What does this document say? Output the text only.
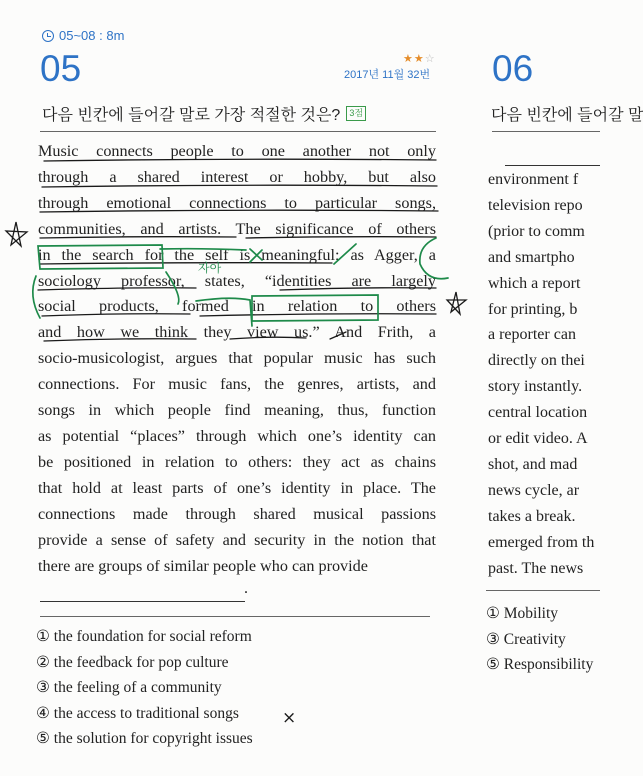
05~08 : 8m
05	★★☆
2017년 11월 32번
다음 빈칸에 들어갈 말로 가장 적절한 것은?	3점
Music connects people to one another not only
through a shared interest or hobby, but also
through emotional connections to particular songs,
communities, and artists. The significance of others
in the search for the self is meaningful; as Agger, a
sociology professor, states, “identities are largely
social products, formed in relation to others
and how we think they view us.” And Frith, a
socio-musicologist, argues that popular music has such
connections. For music fans, the genres, artists, and
songs in which people find meaning, thus, function
as potential “places” through which one’s identity can
be positioned in relation to others: they act as chains
that hold at least parts of one’s identity in place. The
connections made through shared musical passions
provide a sense of safety and security in the notion that
there are groups of similar people who can provide
.
① the foundation for social reform
② the feedback for pop culture
③ the feeling of a community
④ the access to traditional songs
⑤ the solution for copyright issues
자아
×
06
다음 빈칸에 들어갈 말
environment f
television repo
(prior to comm
and smartpho
which a report
for printing, b
a reporter can
directly on thei
story instantly.
central location
or edit video. A
shot, and mad
news cycle, ar
takes a break.
emerged from th
past. The news
① Mobility
③ Creativity
⑤ Responsibility
